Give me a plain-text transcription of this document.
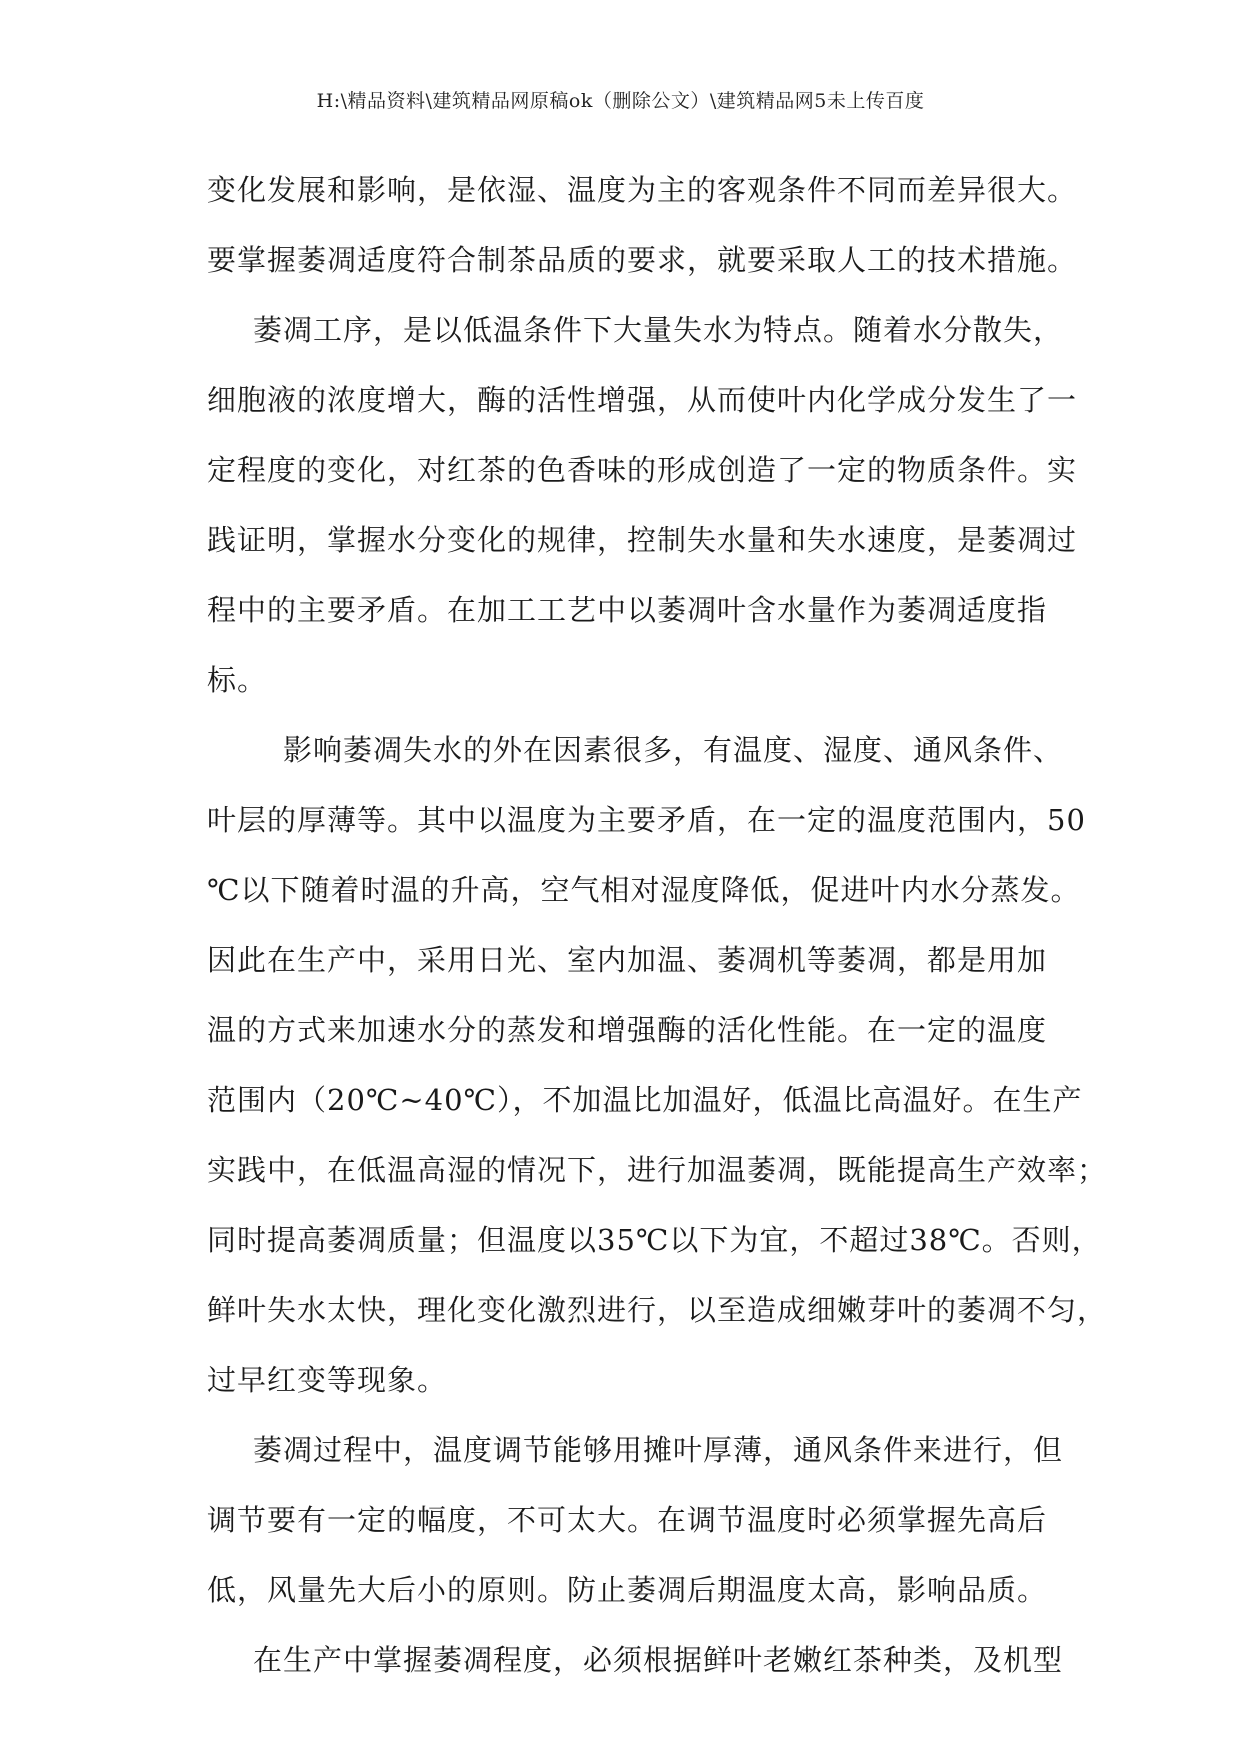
H:\精品资料\建筑精品网原稿ok（删除公文）\建筑精品网5未上传百度
变化发展和影响，是依湿、温度为主的客观条件不同而差异很大。
要掌握萎凋适度符合制茶品质的要求，就要采取人工的技术措施。
萎凋工序，是以低温条件下大量失水为特点。随着水分散失，
细胞液的浓度增大，酶的活性增强，从而使叶内化学成分发生了一
定程度的变化，对红茶的色香味的形成创造了一定的物质条件。实
践证明，掌握水分变化的规律，控制失水量和失水速度，是萎凋过
程中的主要矛盾。在加工工艺中以萎凋叶含水量作为萎凋适度指
标。
影响萎凋失水的外在因素很多，有温度、湿度、通风条件、
叶层的厚薄等。其中以温度为主要矛盾，在一定的温度范围内，50
℃以下随着时温的升高，空气相对湿度降低，促进叶内水分蒸发。
因此在生产中，采用日光、室内加温、萎凋机等萎凋，都是用加
温的方式来加速水分的蒸发和增强酶的活化性能。在一定的温度
范围内（20℃~40℃），不加温比加温好，低温比高温好。在生产
实践中，在低温高湿的情况下，进行加温萎凋，既能提高生产效率；
同时提高萎凋质量；但温度以35℃以下为宜，不超过38℃。否则，
鲜叶失水太快，理化变化激烈进行，以至造成细嫩芽叶的萎凋不匀，
过早红变等现象。
萎凋过程中，温度调节能够用摊叶厚薄，通风条件来进行，但
调节要有一定的幅度，不可太大。在调节温度时必须掌握先高后
低，风量先大后小的原则。防止萎凋后期温度太高，影响品质。
在生产中掌握萎凋程度，必须根据鲜叶老嫩红茶种类，及机型
